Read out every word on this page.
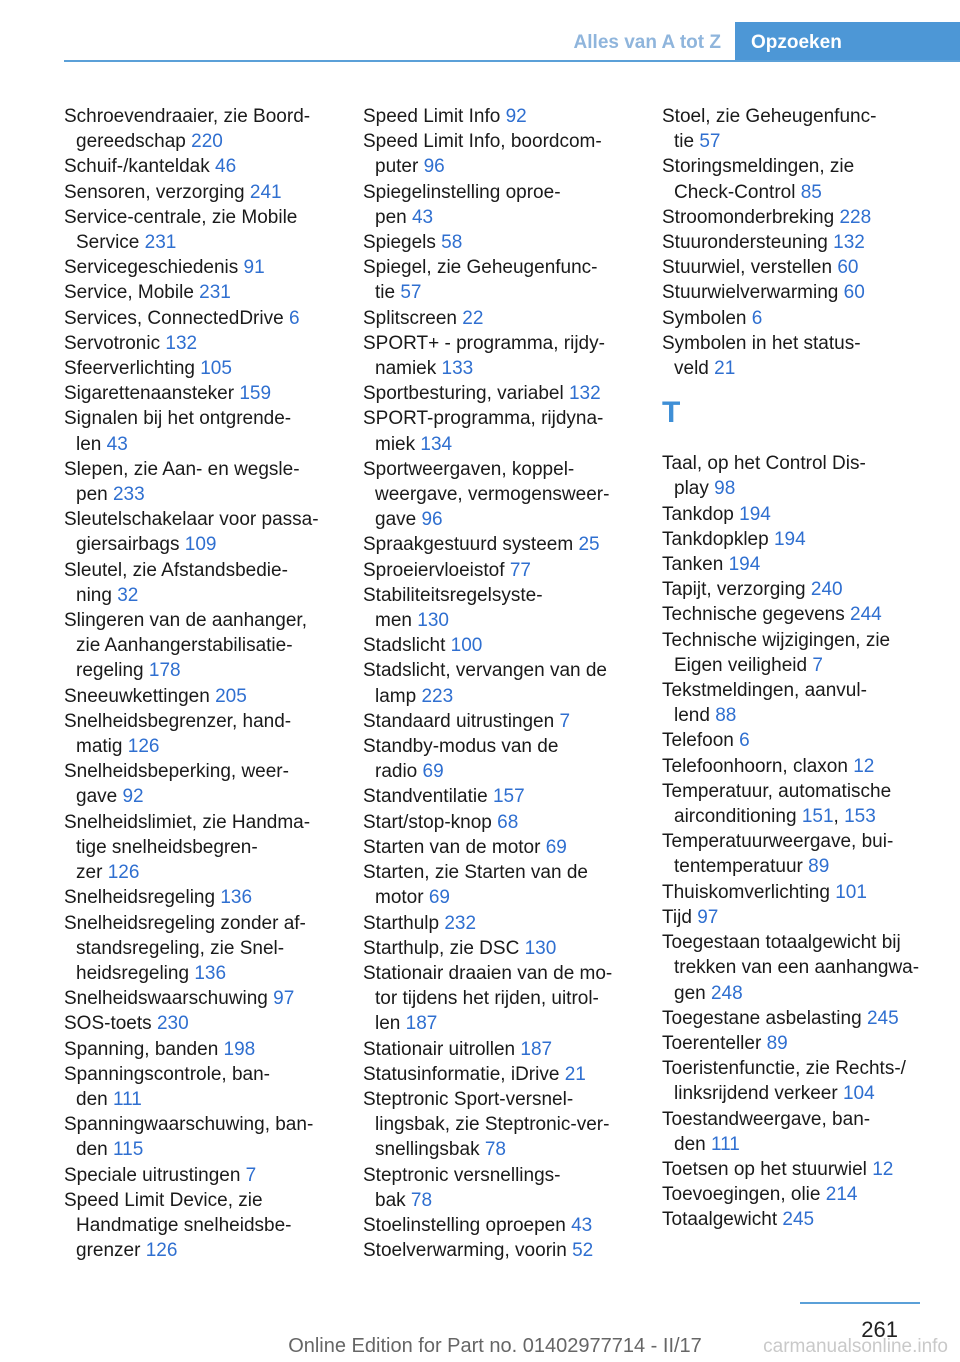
Alles van A tot Z	Opzoeken

Schroevendraaier, zie Boord-
gereedschap 220

Schuif-/kanteldak 46

Sensoren, verzorging 241

Service-centrale, zie Mobile
Service 231

Servicegeschiedenis 91

Service, Mobile 231

Services, ConnectedDrive 6

Servotronic 132

Sfeerverlichting 105

Sigarettenaansteker 159

Signalen bij het ontgrende-
len 43

Slepen, zie Aan- en wegsle-
pen 233

Sleutelschakelaar voor passa-
giersairbags 109

Sleutel, zie Afstandsbedie-
ning 32

Slingeren van de aanhanger,
zie Aanhangerstabilisatie-
regeling 178

Sneeuwkettingen 205

Snelheidsbegrenzer, hand-
matig 126

Snelheidsbeperking, weer-
gave 92

Snelheidslimiet, zie Handma-
tige snelheidsbegren-
zer 126

Snelheidsregeling 136

Snelheidsregeling zonder af-
standsregeling, zie Snel-
heidsregeling 136

Snelheidswaarschuwing 97

SOS-toets 230

Spanning, banden 198

Spanningscontrole, ban-
den 111

Spanningwaarschuwing, ban-
den 115

Speciale uitrustingen 7

Speed Limit Device, zie
Handmatige snelheidsbe-
grenzer 126

Speed Limit Info 92

Speed Limit Info, boordcom-
puter 96

Spiegelinstelling oproe-
pen 43

Spiegels 58

Spiegel, zie Geheugenfunc-
tie 57

Splitscreen 22

SPORT+ - programma, rijdy-
namiek 133

Sportbesturing, variabel 132

SPORT-programma, rijdyna-
miek 134

Sportweergaven, koppel-
weergave, vermogensweer-
gave 96

Spraakgestuurd systeem 25

Sproeiervloeistof 77

Stabiliteitsregelsyste-
men 130

Stadslicht 100

Stadslicht, vervangen van de
lamp 223

Standaard uitrustingen 7

Standby-modus van de
radio 69

Standventilatie 157

Start/stop-knop 68

Starten van de motor 69

Starten, zie Starten van de
motor 69

Starthulp 232

Starthulp, zie DSC 130

Stationair draaien van de mo-
tor tijdens het rijden, uitrol-
len 187

Stationair uitrollen 187

Statusinformatie, iDrive 21

Steptronic Sport-versnel-
lingsbak, zie Steptronic-ver-
snellingsbak 78

Steptronic versnellings-
bak 78

Stoelinstelling oproepen 43

Stoelverwarming, voorin 52

Stoel, zie Geheugenfunc-
tie 57

Storingsmeldingen, zie
Check-Control 85

Stroomonderbreking 228

Stuurondersteuning 132

Stuurwiel, verstellen 60

Stuurwielverwarming 60

Symbolen 6

Symbolen in het status-
veld 21

T

Taal, op het Control Dis-
play 98

Tankdop 194

Tankdopklep 194

Tanken 194

Tapijt, verzorging 240

Technische gegevens 244

Technische wijzigingen, zie
Eigen veiligheid 7

Tekstmeldingen, aanvul-
lend 88

Telefoon 6

Telefoonhoorn, claxon 12

Temperatuur, automatische
airconditioning 151, 153

Temperatuurweergave, bui-
tentemperatuur 89

Thuiskomverlichting 101

Tijd 97

Toegestaan totaalgewicht bij
trekken van een aanhangwa-
gen 248

Toegestane asbelasting 245

Toerenteller 89

Toeristenfunctie, zie Rechts-/
linksrijdend verkeer 104

Toestandweergave, ban-
den 111

Toetsen op het stuurwiel 12

Toevoegingen, olie 214

Totaalgewicht 245

261
Online Edition for Part no. 01402977714 - II/17	carmanualsonline.info
